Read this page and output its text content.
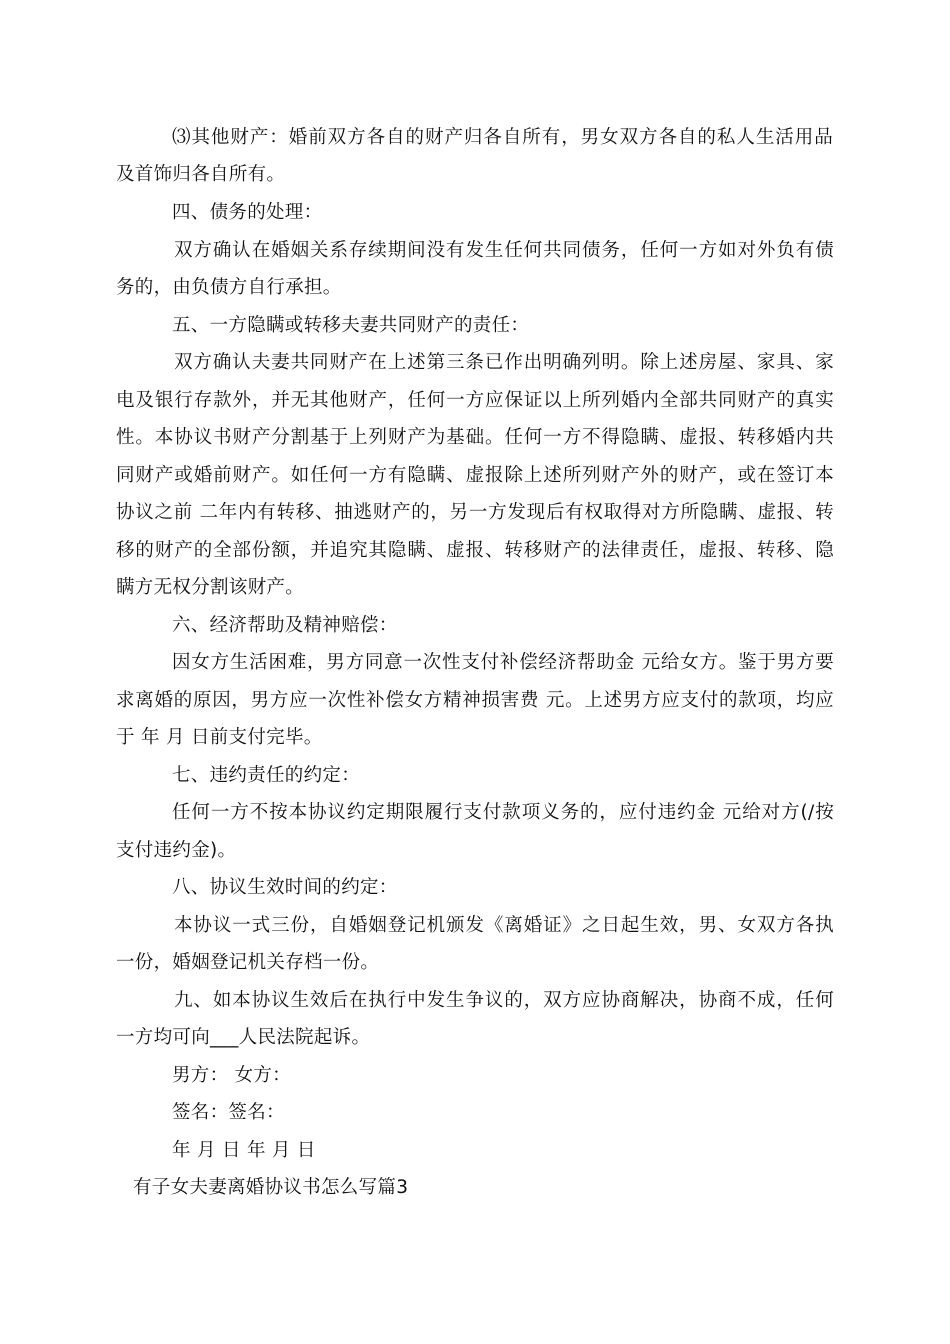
⑶其他财产：婚前双方各自的财产归各自所有，男女双方各自的私人生活用品
及首饰归各自所有。
四、债务的处理：
双方确认在婚姻关系存续期间没有发生任何共同债务，任何一方如对外负有债
务的，由负债方自行承担。
五、一方隐瞒或转移夫妻共同财产的责任：
双方确认夫妻共同财产在上述第三条已作出明确列明。除上述房屋、家具、家
电及银行存款外，并无其他财产，任何一方应保证以上所列婚内全部共同财产的真实
性。本协议书财产分割基于上列财产为基础。任何一方不得隐瞒、虚报、转移婚内共
同财产或婚前财产。如任何一方有隐瞒、虚报除上述所列财产外的财产，或在签订本
协议之前 二年内有转移、抽逃财产的，另一方发现后有权取得对方所隐瞒、虚报、转
移的财产的全部份额，并追究其隐瞒、虚报、转移财产的法律责任，虚报、转移、隐
瞒方无权分割该财产。
六、经济帮助及精神赔偿：
因女方生活困难，男方同意一次性支付补偿经济帮助金 元给女方。鉴于男方要
求离婚的原因，男方应一次性补偿女方精神损害费 元。上述男方应支付的款项，均应
于 年 月 日前支付完毕。
七、违约责任的约定：
任何一方不按本协议约定期限履行支付款项义务的，应付违约金 元给对方(/按
支付违约金)。
八、协议生效时间的约定：
本协议一式三份，自婚姻登记机颁发《离婚证》之日起生效，男、女双方各执
一份，婚姻登记机关存档一份。
九、如本协议生效后在执行中发生争议的，双方应协商解决，协商不成，任何
一方均可向___人民法院起诉。
男方： 女方：
签名：签名：
年 月 日 年 月 日
有子女夫妻离婚协议书怎么写篇3
